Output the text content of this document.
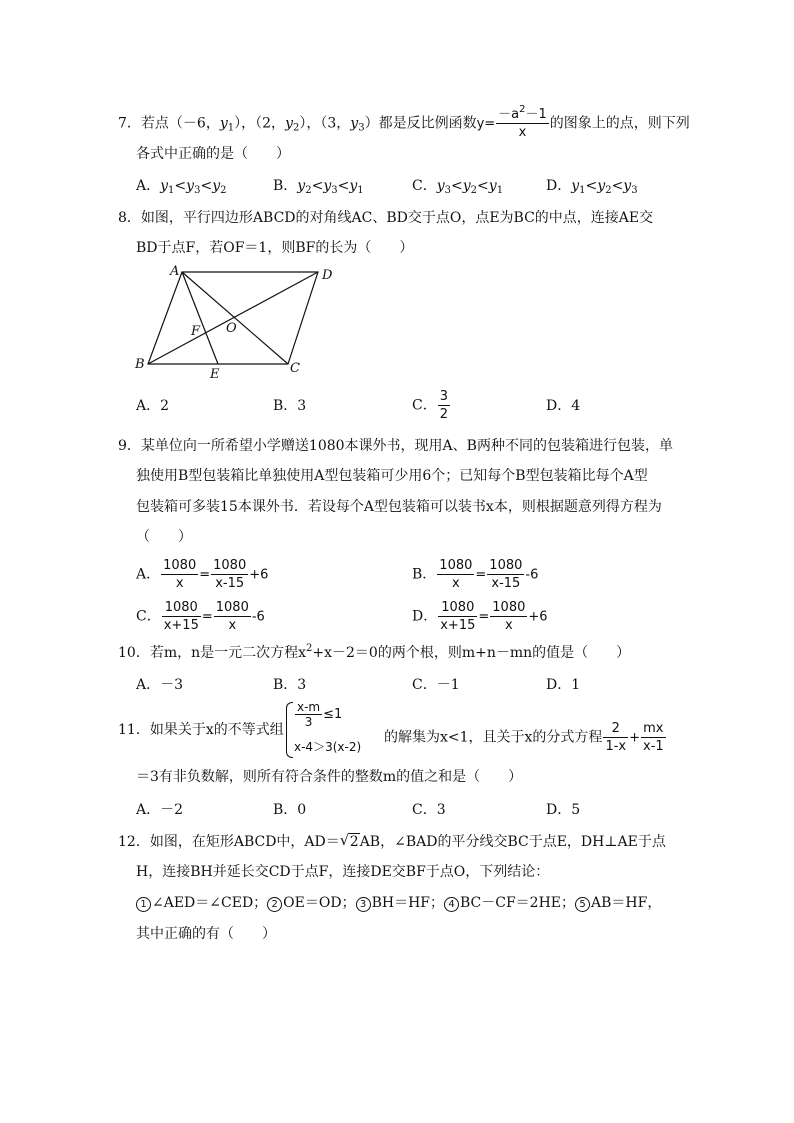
7．若点（－6，$y_1$），（2，$y_2$），（3，$y_3$）都是反比例函数$y= \frac{-a^2-1}{x}$ 的图象上的点，则下列
各式中正确的是（　　）
A．$y_1<y_3<y_2$	B．$y_2<y_3<y_1$	C．$y_3<y_2<y_1$	D．$y_1<y_2<y_3$
8．如图，平行四边形ABCD的对角线AC、BD交于点O，点E为BC的中点，连接AE交
BD于点F，若OF＝1，则BF的长为（　　）
A	D
B	C
E
F O
A．2	B．3	C． $\frac{3}{2}$	D．4
9．某单位向一所希望小学赠送1080本课外书，现用A、B两种不同的包装箱进行包装，单
独使用B型包装箱比单独使用A型包装箱可少用6个；已知每个B型包装箱比每个A型
包装箱可多装15本课外书．若设每个A型包装箱可以装书x本，则根据题意列得方程为
（　　）
A． $\frac{1080}{x} = \frac{1080}{x-15} +6$	B． $\frac{1080}{x} = \frac{1080}{x-15} -6$
C． $\frac{1080}{x+15} = \frac{1080}{x} -6$	D． $\frac{1080}{x+15} = \frac{1080}{x} +6$
10．若m，n是一元二次方程$x^2+x-2=0$的两个根，则m+n－mn的值是（　　）
A．－3	B．3	C．－1	D．1
11．如果关于x的不等式组
$\frac{x-m}{3} \le 1$
x-4＞3(x-2)
的解集为x<1，且关于x的分式方程 $\frac{2}{1-x} + \frac{mx}{x-1}$
＝3有非负数解，则所有符合条件的整数m的值之和是（　　）
A．－2	B．0	C．3	D．5
12．如图，在矩形ABCD中，AD＝ √ 2AB，∠BAD的平分线交BC于点E，DH⊥AE于点
H，连接BH并延长交CD于点F，连接DE交BF于点O，下列结论：
1 ∠AED＝∠CED； 2 OE＝OD； 3 BH＝HF； 4 BC－CF＝2HE； 5 AB＝HF，
其中正确的有（　　）
